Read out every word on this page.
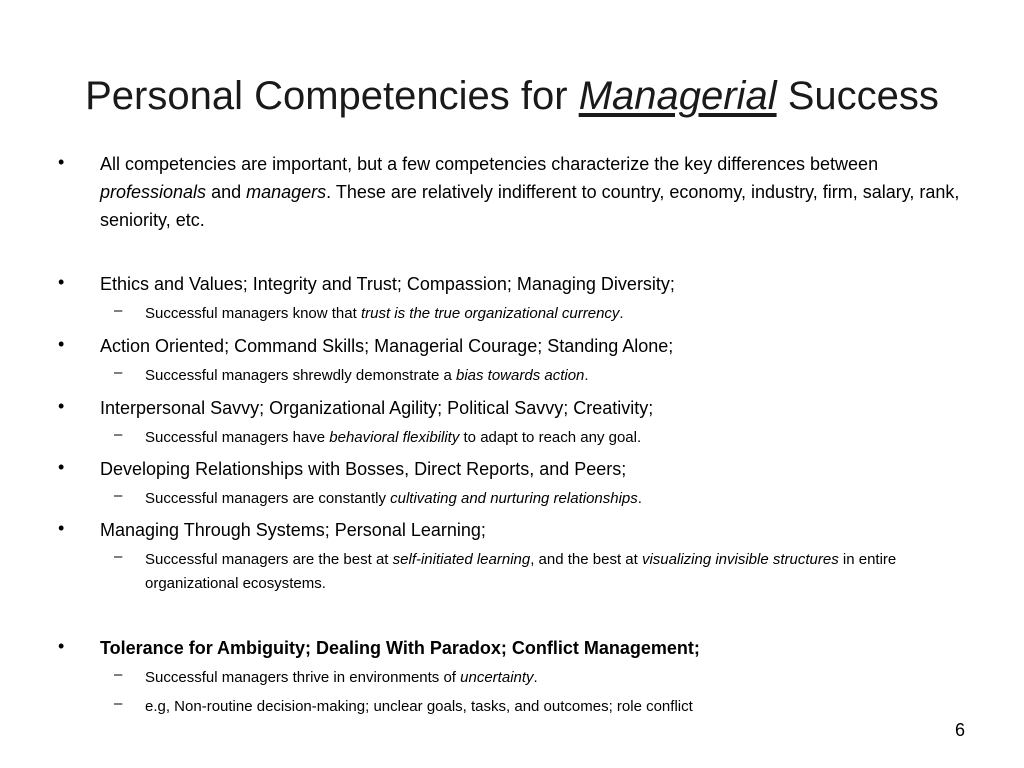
Personal Competencies for Managerial Success
• All competencies are important, but a few competencies characterize the key differences between professionals and managers. These are relatively indifferent to country, economy, industry, firm, salary, rank, seniority, etc.
• Ethics and Values; Integrity and Trust; Compassion; Managing Diversity;
– Successful managers know that trust is the true organizational currency.
• Action Oriented; Command Skills; Managerial Courage; Standing Alone;
– Successful managers shrewdly demonstrate a bias towards action.
• Interpersonal Savvy; Organizational Agility; Political Savvy; Creativity;
– Successful managers have behavioral flexibility to adapt to reach any goal.
• Developing Relationships with Bosses, Direct Reports, and Peers;
– Successful managers are constantly cultivating and nurturing relationships.
• Managing Through Systems; Personal Learning;
– Successful managers are the best at self-initiated learning, and the best at visualizing invisible structures in entire organizational ecosystems.
• Tolerance for Ambiguity; Dealing With Paradox; Conflict Management;
– Successful managers thrive in environments of uncertainty.
– e.g, Non-routine decision-making; unclear goals, tasks, and outcomes; role conflict
6
